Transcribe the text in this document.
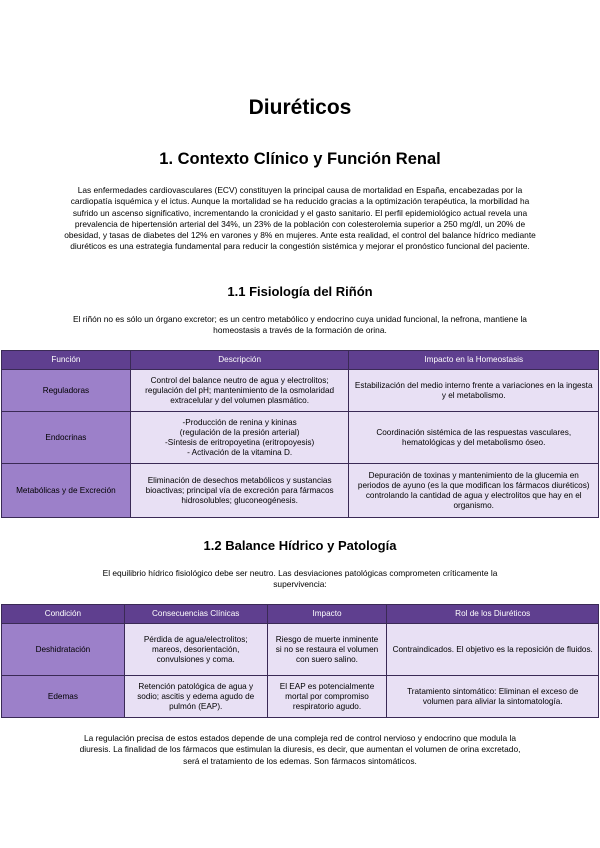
Diuréticos
1. Contexto Clínico y Función Renal

Las enfermedades cardiovasculares (ECV) constituyen la principal causa de mortalidad en España, encabezadas por la cardiopatía isquémica y el ictus. Aunque la mortalidad se ha reducido gracias a la optimización terapéutica, la morbilidad ha sufrido un ascenso significativo, incrementando la cronicidad y el gasto sanitario. El perfil epidemiológico actual revela una prevalencia de hipertensión arterial del 34%, un 23% de la población con colesterolemia superior a 250 mg/dl, un 20% de obesidad, y tasas de diabetes del 12% en varones y 8% en mujeres. Ante esta realidad, el control del balance hídrico mediante diuréticos es una estrategia fundamental para reducir la congestión sistémica y mejorar el pronóstico funcional del paciente.

1.1 Fisiología del Riñón

El riñón no es sólo un órgano excretor; es un centro metabólico y endocrino cuya unidad funcional, la nefrona, mantiene la homeostasis a través de la formación de orina.

Función	Descripción	Impacto en la Homeostasis
Reguladoras	Control del balance neutro de agua y electrolitos; regulación del pH; mantenimiento de la osmolaridad extracelular y del volumen plasmático.	Estabilización del medio interno frente a variaciones en la ingesta y el metabolismo.
Endocrinas	-Producción de renina y kininas
(regulación de la presión arterial)
-Síntesis de eritropoyetina (eritropoyesis)
- Activación de la vitamina D.	Coordinación sistémica de las respuestas vasculares, hematológicas y del metabolismo óseo.
Metabólicas y de Excreción	Eliminación de desechos metabólicos y sustancias bioactivas; principal vía de excreción para fármacos hidrosolubles; gluconeogénesis.	Depuración de toxinas y mantenimiento de la glucemia en periodos de ayuno (es la que modifican los fármacos diuréticos) controlando la cantidad de agua y electrolitos que hay en el organismo.
1.2 Balance Hídrico y Patología

El equilibrio hídrico fisiológico debe ser neutro. Las desviaciones patológicas comprometen críticamente la supervivencia:

Condición	Consecuencias Clínicas	Impacto	Rol de los Diuréticos
Deshidratación	Pérdida de agua/electrolitos; mareos, desorientación, convulsiones y coma.	Riesgo de muerte inminente si no se restaura el volumen con suero salino.	Contraindicados. El objetivo es la reposición de fluidos.
Edemas	Retención patológica de agua y sodio; ascitis y edema agudo de pulmón (EAP).	El EAP es potencialmente mortal por compromiso respiratorio agudo.	Tratamiento sintomático: Eliminan el exceso de volumen para aliviar la sintomatología.

La regulación precisa de estos estados depende de una compleja red de control nervioso y endocrino que modula la diuresis. La finalidad de los fármacos que estimulan la diuresis, es decir, que aumentan el volumen de orina excretado, será el tratamiento de los edemas. Son fármacos sintomáticos.
